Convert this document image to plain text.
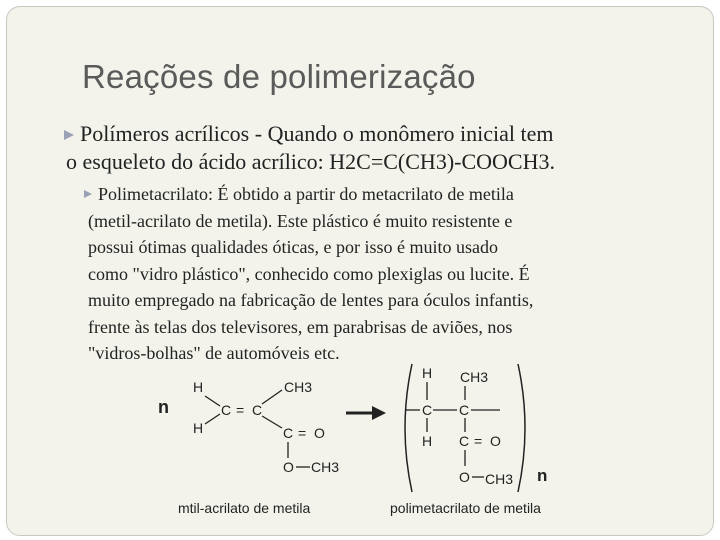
Reações de polimerização
Polímeros acrílicos - Quando o monômero inicial tem
o esqueleto do ácido acrílico: H2C=C(CH3)-COOCH3.
Polimetacrilato: É obtido a partir do metacrilato de metila
(metil-acrilato de metila). Este plástico é muito resistente e
possui ótimas qualidades óticas, e por isso é muito usado
como "vidro plástico", conhecido como plexiglas ou lucite. É
muito empregado na fabricação de lentes para óculos infantis,
frente às telas dos televisores, em parabrisas de aviões, nos
"vidros-bolhas" de automóveis etc.
n
H
H
C = C
CH3
C = O
O CH3
H CH3
C C
H C = O
O CH3 n
mtil-acrilato de metila	polimetacrilato de metila
